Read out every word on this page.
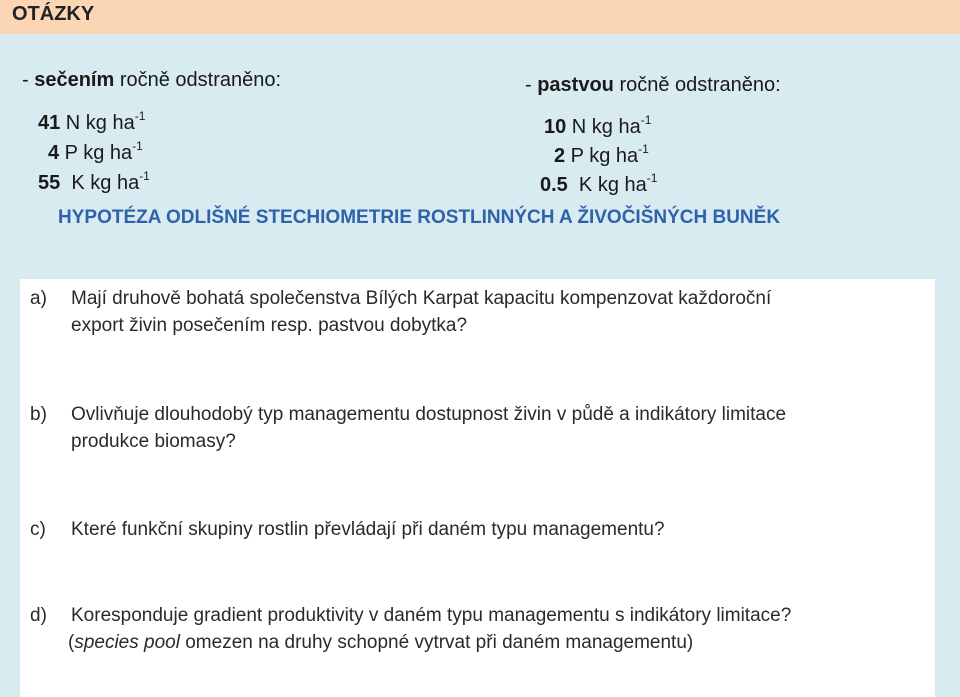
OTÁZKY
- sečením ročně odstraněno:
41 N kg $ha^{-1}$
4 P kg $ha^{-1}$
55  K kg $ha^{-1}$
- pastvou ročně odstraněno:
10 N kg $ha^{-1}$
2 P kg $ha^{-1}$
0.5  K kg $ha^{-1}$
HYPOTÉZA ODLIŠNÉ STECHIOMETRIE ROSTLINNÝCH A ŽIVOČIŠNÝCH BUNĚK
a) Mají druhově bohatá společenstva Bílých Karpat kapacitu kompenzovat každoroční
export živin posečením resp. pastvou dobytka?
b) Ovlivňuje dlouhodobý typ managementu dostupnost živin v půdě a indikátory limitace
produkce biomasy?
c) Které funkční skupiny rostlin převládají při daném typu managementu?
d) Koresponduje gradient produktivity v daném typu managementu s indikátory limitace?
(species pool omezen na druhy schopné vytrvat při daném managementu)
